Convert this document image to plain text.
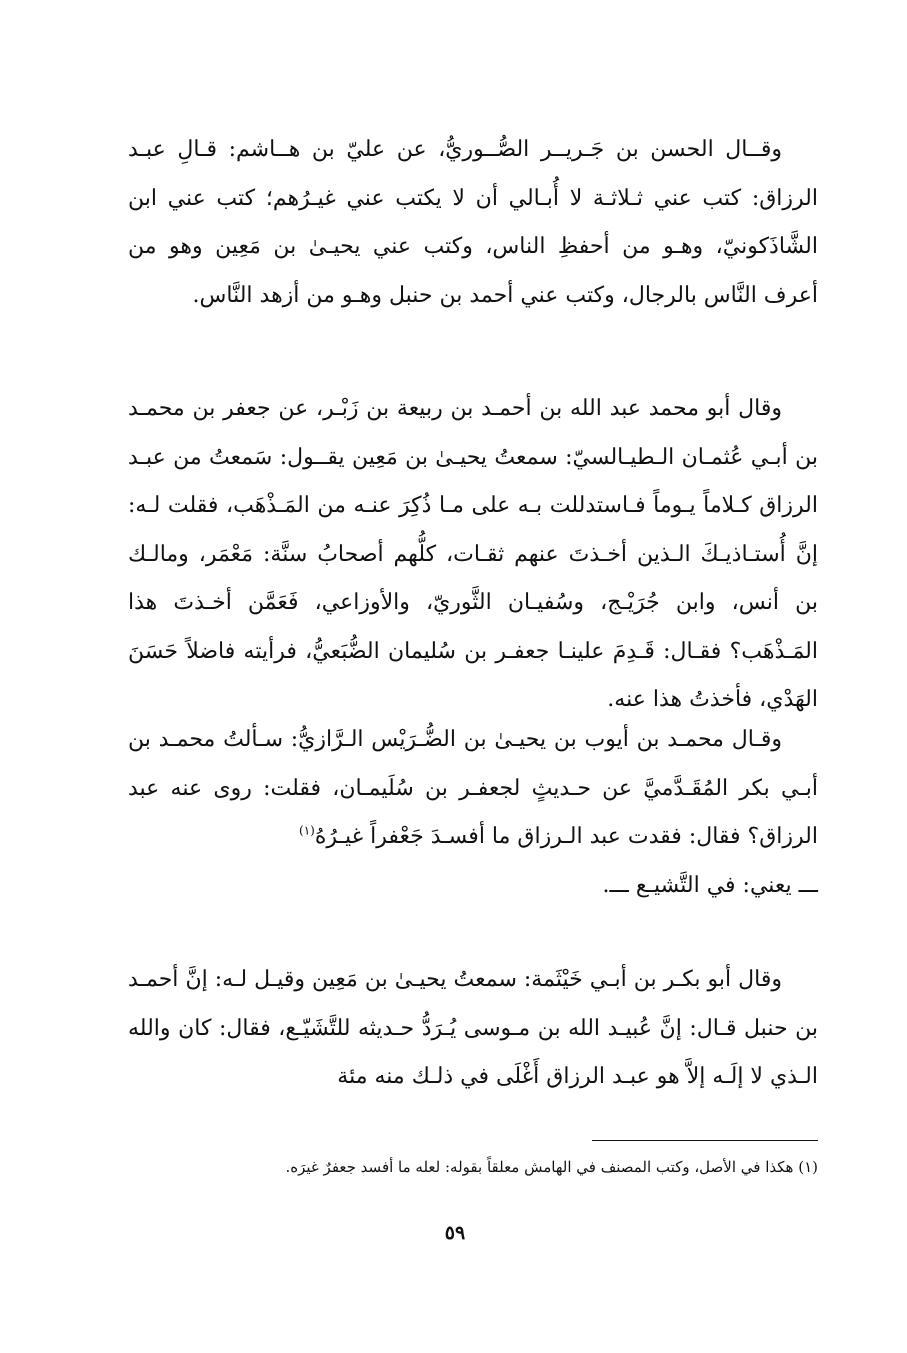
وقــال الحسن بن جَـريــر الصُّــوريُّ، عن عليّ بن هــاشم: قـالِ عبـد الرزاق: كتب عني ثـلاثـة لا أُبـالي أن لا يكتب عني غيـرُهم؛ كتب عني ابن الشَّاذَكونيّ، وهـو من أحفظِ الناس، وكتب عني يحيـىٰ بن مَعِين وهو من أعرف النَّاس بالرجال، وكتب عني أحمد بن حنبل وهـو من أزهد النَّاس.

وقال أبو محمد عبد الله بن أحمـد بن ربيعة بن زَبْـر، عن جعفر بن محمـد بن أبـي عُثمـان الـطيـالسيّ: سمعتُ يحيـىٰ بن مَعِين يقــول: سَمعتُ من عبـد الرزاق كـلاماً يـوماً فـاستدللت بـه على مـا ذُكِرَ عنـه من المَـذْهَب، فقلت لـه: إنَّ أُستـاذيـكَ الـذين أخـذتَ عنهم ثقـات، كلُّهم أصحابُ سنَّة: مَعْمَر، ومالـك بن أنس، وابن جُرَيْـج، وسُفيـان الثَّوريّ، والأوزاعي، فَعَمَّن أخـذتَ هذا المَـذْهَب؟ فقـال: قَـدِمَ علينـا جعفـر بن سُليمان الضُّبَعيُّ، فرأيته فاضلاً حَسَنَ الهَدْي، فأخذتُ هذا عنه.

وقـال محمـد بن أيوب بن يحيـىٰ بن الضُّـرَيْس الـرَّازيُّ: سـألتُ محمـد بن أبـي بكر المُقَـدَّميَّ عن حـديثٍ لجعفـر بن سُلَيمـان، فقلت: روى عنه عبد الرزاق؟ فقال: فقدت عبد الـرزاق ما أفسـدَ جَعْفراً غيـرُهُ$^{(١)}$
ـــ يعني: في التَّشيـع ـــ.

وقال أبو بكـر بن أبـي خَيْثَمة: سمعتُ يحيـىٰ بن مَعِين وقيـل لـه: إنَّ أحمـد بن حنبل قـال: إنَّ عُبيـد الله بن مـوسى يُـرَدُّ حـديثه للتَّشَيّـع، فقال: كان والله الـذي لا إلَـه إلاَّ هو عبـد الرزاق أَغْلَى في ذلـك منه مئة

(١) هكذا في الأصل، وكتب المصنف في الهامش معلقاً بقوله: لعله ما أفسد جعفرٌ غيرَه.

٥٩
